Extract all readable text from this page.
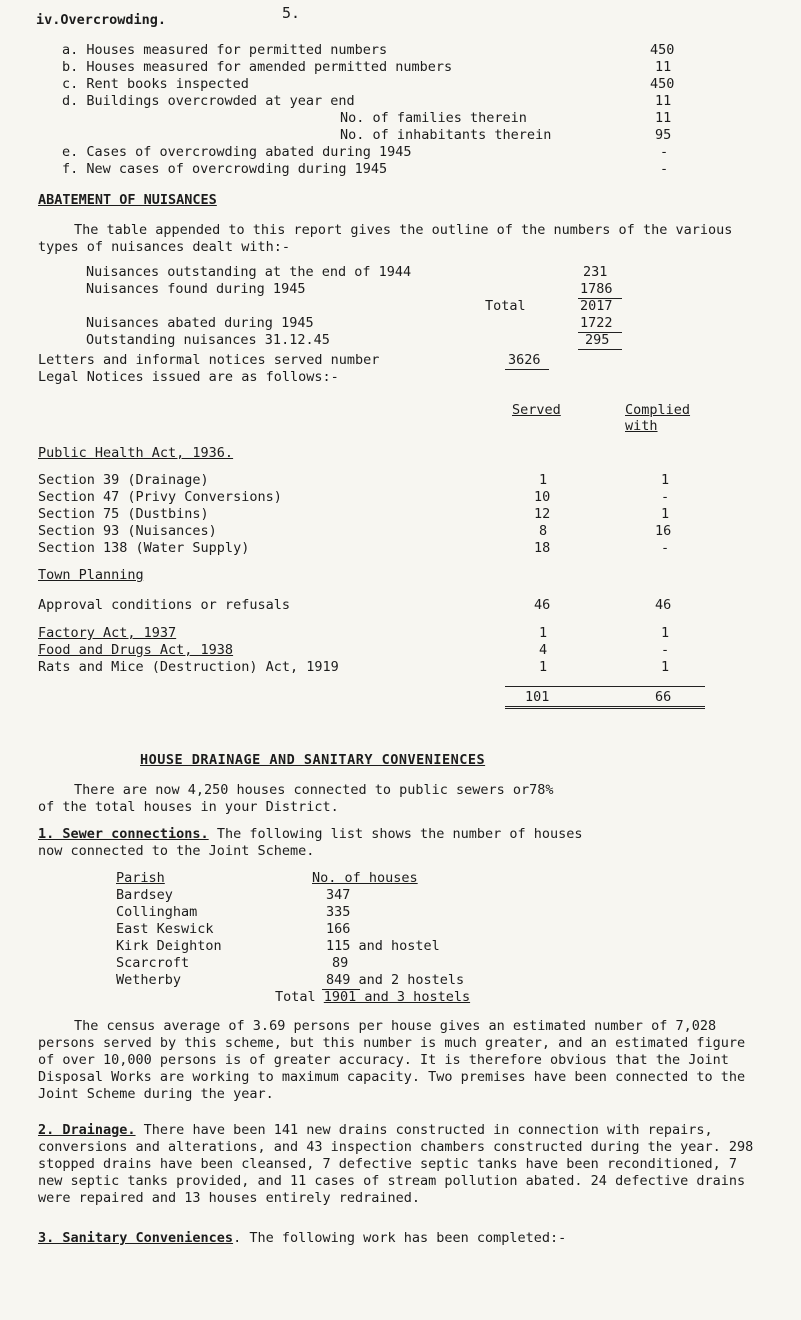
5.
iv.Overcrowding.
a. Houses measured for permitted numbers	450
b. Houses measured for amended permitted numbers	11
c. Rent books inspected	450
d. Buildings overcrowded at year end	11
No. of families therein	11
No. of inhabitants therein	95
e. Cases of overcrowding abated during 1945	-
f. New cases of overcrowding during 1945	-
ABATEMENT OF NUISANCES
The table appended to this report gives the outline of the numbers of the various types of nuisances dealt with:-
Nuisances outstanding at the end of 1944	231
Nuisances found during 1945	1786
Total	2017
Nuisances abated during 1945	1722
Outstanding nuisances 31.12.45	295
Letters and informal notices served number	3626
Legal Notices issued are as follows:-
Served	Complied with
Public Health Act, 1936.
Section 39 (Drainage)	1	1
Section 47 (Privy Conversions)	10	-
Section 75 (Dustbins)	12	1
Section 93 (Nuisances)	8	16
Section 138 (Water Supply)	18	-
Town Planning
Approval conditions or refusals	46	46
Factory Act, 1937	1	1
Food and Drugs Act, 1938	4	-
Rats and Mice (Destruction) Act, 1919	1	1
101	66
HOUSE DRAINAGE AND SANITARY CONVENIENCES
There are now 4,250 houses connected to public sewers or78%
of the total houses in your District.
1. Sewer connections. The following list shows the number of houses
now connected to the Joint Scheme.
Parish	No. of houses
Bardsey	347
Collingham	335
East Keswick	166
Kirk Deighton	115 and hostel
Scarcroft	89
Wetherby	849 and 2 hostels
Total 1901 and 3 hostels
The census average of 3.69 persons per house gives an estimated number of 7,028 persons served by this scheme, but this number is much greater, and an estimated figure of over 10,000 persons is of greater accuracy. It is therefore obvious that the Joint Disposal Works are working to maximum capacity. Two premises have been connected to the Joint Scheme during the year.
2. Drainage. There have been 141 new drains constructed in connection with repairs, conversions and alterations, and 43 inspection chambers constructed during the year. 298 stopped drains have been cleansed, 7 defective septic tanks have been reconditioned, 7 new septic tanks provided, and 11 cases of stream pollution abated. 24 defective drains were repaired and 13 houses entirely redrained.
3. Sanitary Conveniences. The following work has been completed:-
